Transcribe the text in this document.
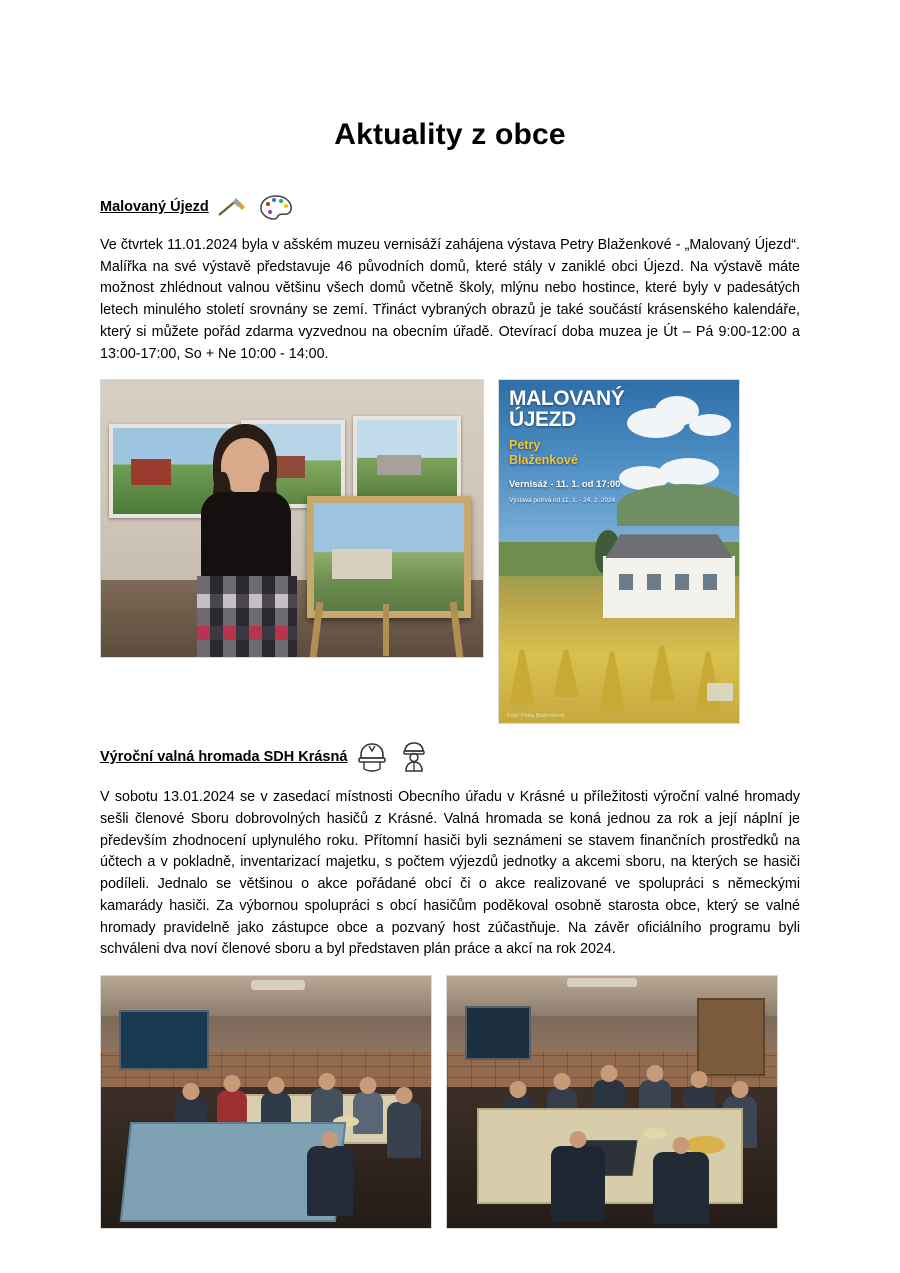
Aktuality z obce
Malovaný Újezd

Ve čtvrtek 11.01.2024 byla v ašském muzeu vernisáží zahájena výstava Petry Blaženkové - „Malovaný Újezd“. Malířka na své výstavě představuje 46 původních domů, které stály v zaniklé obci Újezd. Na výstavě máte možnost zhlédnout valnou většinu všech domů včetně školy, mlýnu nebo hostince, které byly v padesátých letech minulého století srovnány se zemí. Třináct vybraných obrazů je také součástí krásenského kalendáře, který si můžete pořád zdarma vyzvednou na obecním úřadě. Otevírací doba muzea je Út – Pá 9:00-12:00 a 13:00-17:00, So + Ne 10:00 - 14:00.

MALOVANÝ
ÚJEZD
Petry
Blaženkové
Vernisáž - 11. 1. od 17:00
Výstava potrvá od 11. 1. - 24. 2. 2024
Foto: Petra Blaženková
Výroční valná hromada SDH Krásná

V sobotu 13.01.2024 se v zasedací místnosti Obecního úřadu v Krásné u příležitosti výroční valné hromady sešli členové Sboru dobrovolných hasičů z Krásné. Valná hromada se koná jednou za rok a její náplní je především zhodnocení uplynulého roku. Přítomní hasiči byli seznámeni se stavem finančních prostředků na účtech a v pokladně, inventarizací majetku, s počtem výjezdů jednotky a akcemi sboru, na kterých se hasiči podíleli. Jednalo se většinou o akce pořádané obcí či o akce realizované ve spolupráci s německými kamarády hasiči. Za výbornou spolupráci s obcí hasičům poděkoval osobně starosta obce, který se valné hromady pravidelně jako zástupce obce a pozvaný host zúčastňuje. Na závěr oficiálního programu byli schváleni dva noví členové sboru a byl představen plán práce a akcí na rok 2024.
